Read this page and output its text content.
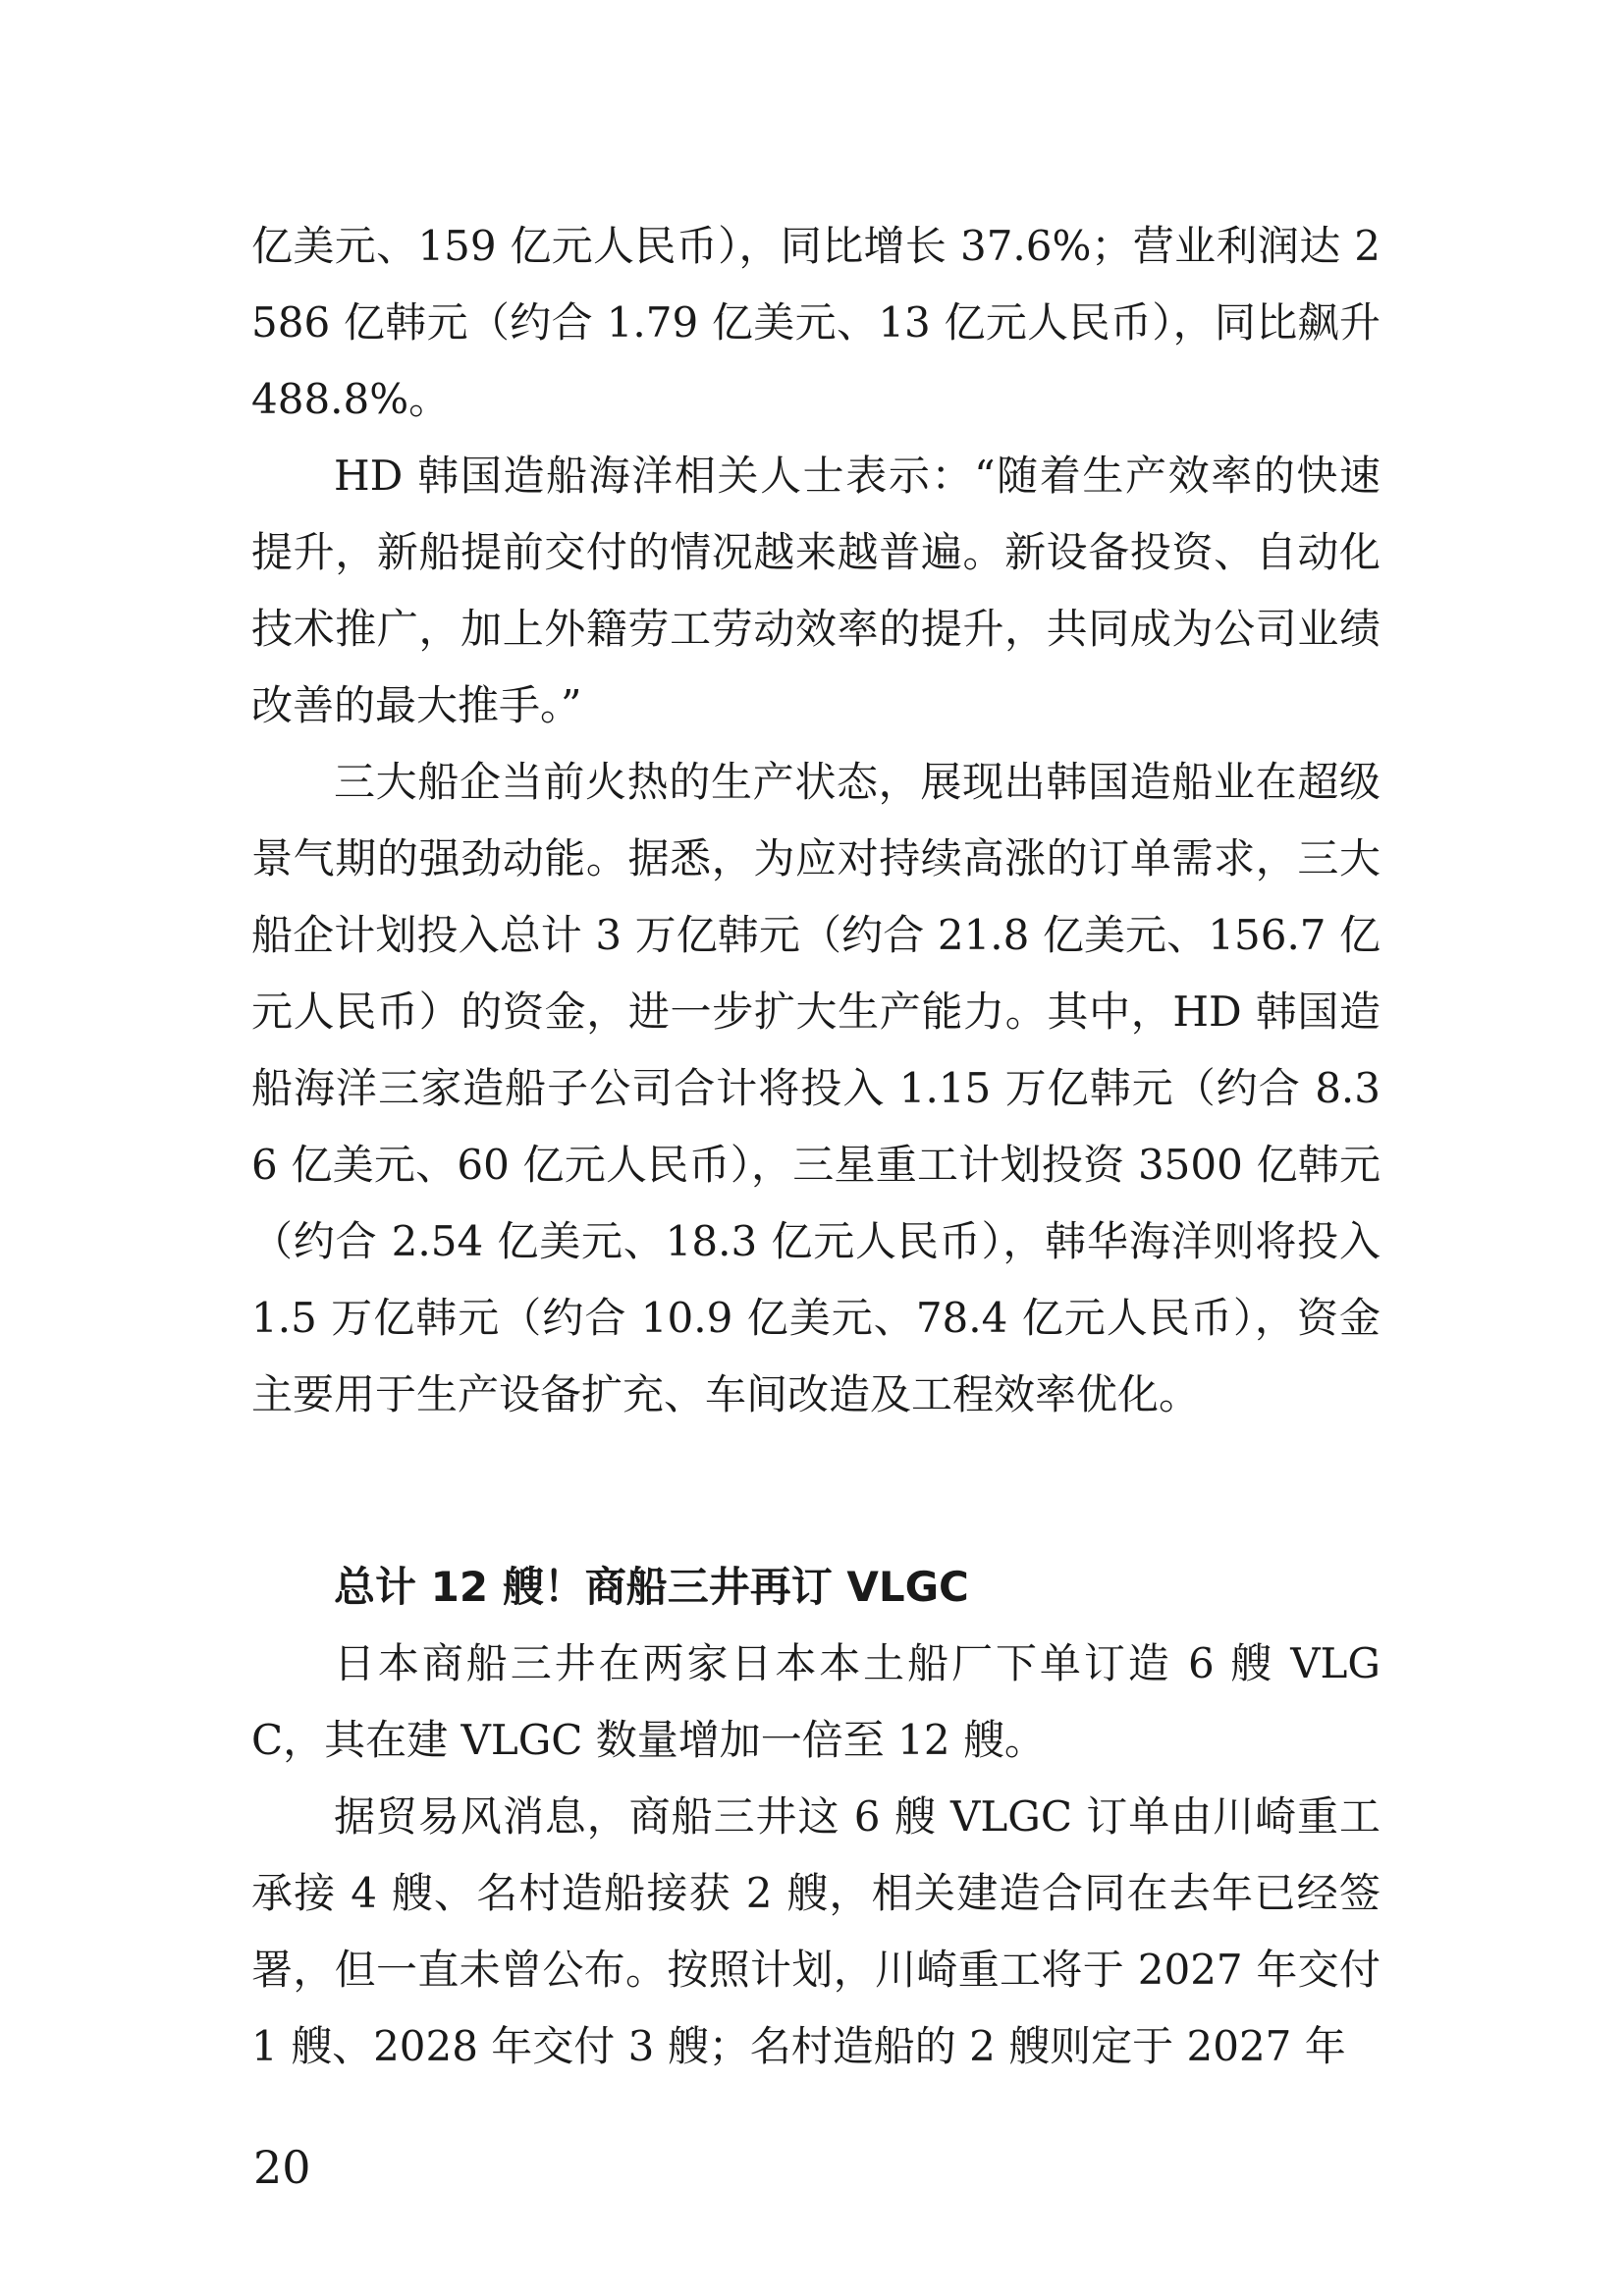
亿美元、159 亿元人民币），同比增长 37.6%；营业利润达 2586 亿韩元（约合 1.79 亿美元、13 亿元人民币），同比飙升 488.8%。

HD 韩国造船海洋相关人士表示：“随着生产效率的快速提升，新船提前交付的情况越来越普遍。新设备投资、自动化技术推广，加上外籍劳工劳动效率的提升，共同成为公司业绩改善的最大推手。”

三大船企当前火热的生产状态，展现出韩国造船业在超级景气期的强劲动能。据悉，为应对持续高涨的订单需求，三大船企计划投入总计 3 万亿韩元（约合 21.8 亿美元、156.7 亿元人民币）的资金，进一步扩大生产能力。其中，HD 韩国造船海洋三家造船子公司合计将投入 1.15 万亿韩元（约合 8.36 亿美元、60 亿元人民币），三星重工计划投资 3500 亿韩元（约合 2.54 亿美元、18.3 亿元人民币），韩华海洋则将投入 1.5 万亿韩元（约合 10.9 亿美元、78.4 亿元人民币），资金主要用于生产设备扩充、车间改造及工程效率优化。

总计 12 艘！商船三井再订 VLGC

日本商船三井在两家日本本土船厂下单订造 6 艘 VLGC，其在建 VLGC 数量增加一倍至 12 艘。

据贸易风消息，商船三井这 6 艘 VLGC 订单由川崎重工承接 4 艘、名村造船接获 2 艘，相关建造合同在去年已经签署，但一直未曾公布。按照计划，川崎重工将于 2027 年交付 1 艘、2028 年交付 3 艘；名村造船的 2 艘则定于 2027 年

20
